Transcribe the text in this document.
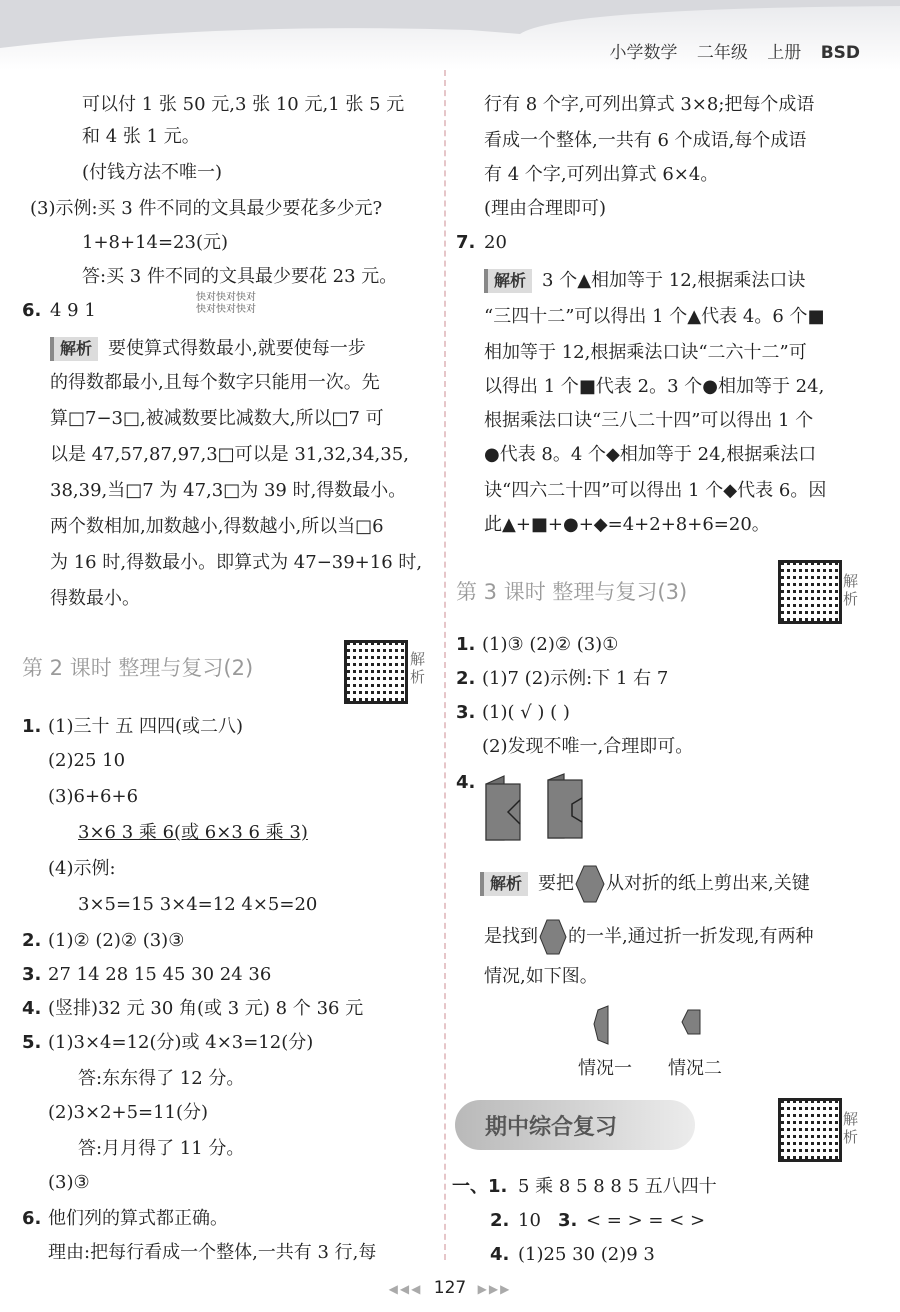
小学数学 二年级 上册 BSD
可以付 1 张 50 元,3 张 10 元,1 张 5 元
和 4 张 1 元。
(付钱方法不唯一)
(3)示例:买 3 件不同的文具最少要花多少元?
1+8+14=23(元)
答:买 3 件不同的文具最少要花 23 元。
快对快对快对
快对快对快对
6. 4 9 1
解析 要使算式得数最小,就要使每一步
的得数都最小,且每个数字只能用一次。先
算□7−3□,被减数要比减数大,所以□7 可
以是 47,57,87,97,3□可以是 31,32,34,35,
38,39,当□7 为 47,3□为 39 时,得数最小。
两个数相加,加数越小,得数越小,所以当□6
为 16 时,得数最小。即算式为 47−39+16 时,
得数最小。
第 2 课时 整理与复习(2)	解析
1. (1)三十 五 四四(或二八)
(2)25 10
(3)6+6+6
3×6 3 乘 6(或 6×3 6 乘 3)
(4)示例:
3×5=15 3×4=12 4×5=20
2. (1)② (2)② (3)③
3. 27 14 28 15 45 30 24 36
4. (竖排)32 元 30 角(或 3 元) 8 个 36 元
5. (1)3×4=12(分)或 4×3=12(分)
答:东东得了 12 分。
(2)3×2+5=11(分)
答:月月得了 11 分。
(3)③
6. 他们列的算式都正确。
理由:把每行看成一个整体,一共有 3 行,每
行有 8 个字,可列出算式 3×8;把每个成语
看成一个整体,一共有 6 个成语,每个成语
有 4 个字,可列出算式 6×4。
(理由合理即可)
7. 20
解析 3 个▲相加等于 12,根据乘法口诀
“三四十二”可以得出 1 个▲代表 4。6 个■
相加等于 12,根据乘法口诀“二六十二”可
以得出 1 个■代表 2。3 个●相加等于 24,
根据乘法口诀“三八二十四”可以得出 1 个
●代表 8。4 个◆相加等于 24,根据乘法口
诀“四六二十四”可以得出 1 个◆代表 6。因
此▲+■+●+◆=4+2+8+6=20。
第 3 课时 整理与复习(3)	解析
1. (1)③ (2)② (3)①
2. (1)7 (2)示例:下 1 右 7
3. (1)( √ ) ( )
(2)发现不唯一,合理即可。
4.
解析 要把 从对折的纸上剪出来,关键
是找到 的一半,通过折一折发现,有两种
情况,如下图。
情况一 情况二
期中综合复习	解析
一、1. 5 乘 8 5 8 8 5 五八四十
2. 10 3. < = > = < >
4. (1)25 30 (2)9 3
◀◀◀ 127 ▶▶▶
